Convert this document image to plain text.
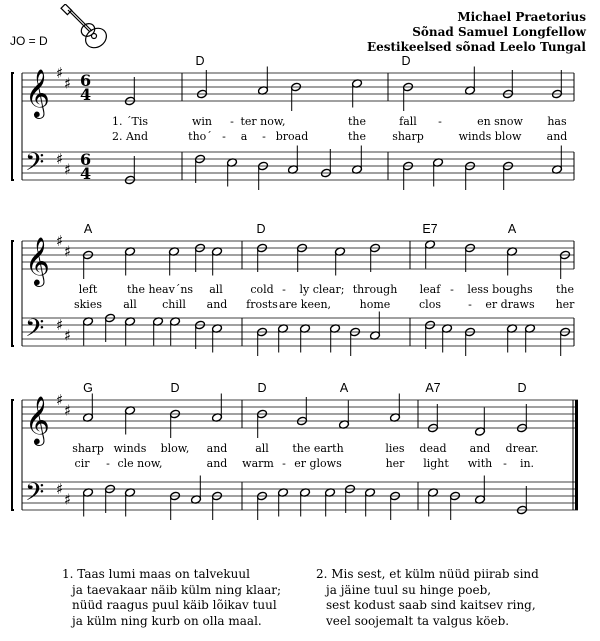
Michael Praetorius
Sõnad Samuel Longfellow
Eestikeelsed sõnad Leelo Tungal
JO = D
𝄞 ♯
♯ 6
4
𝄢 ♯
♯
6
4
D	D
1. ´Tis	win - ter now,	the	fall -	en snow has
2. And	tho´ - a - broad	the sharp	winds blow and
𝄞 ♯
♯
𝄢 ♯
♯
A	D	E7	A
left	the heav´ns all	cold - ly clear; through leaf - less boughs the
skies all chill and frosts are keen,	home	clos - er draws her
𝄞 ♯
♯
𝄢 ♯
♯
G	D	D	A	A7	D
sharp winds blow, and	all the earth	lies dead and drear.
cir - cle now,	and warm - er glows	her light with - in.
1. Taas lumi maas on talvekuul
ja taevakaar näib külm ning klaar;
nüüd raagus puul käib lõikav tuul
ja külm ning kurb on olla maal.
2. Mis sest, et külm nüüd piirab sind
ja jäine tuul su hinge poeb,
sest kodust saab sind kaitsev ring,
veel soojemalt ta valgus köeb.
